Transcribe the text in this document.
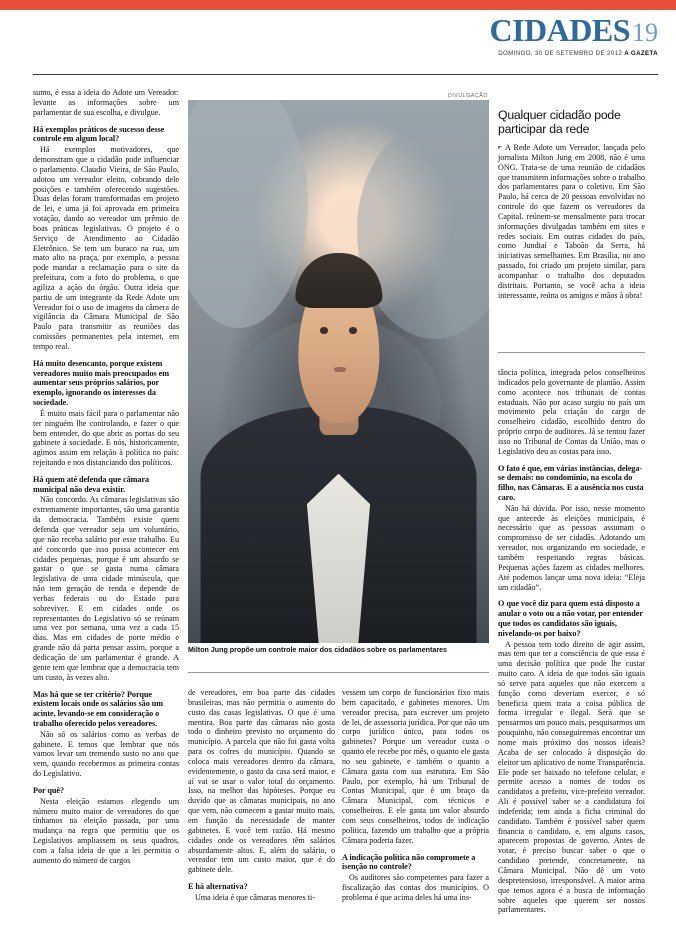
CIDADES19
DOMINGO, 30 DE SETEMBRO DE 2012 A GAZETA

sumo, é essa a ideia do Adote um Vereador: levante as informações sobre um parlamentar de sua escolha, e divulgue.

Há exemplos práticos de sucesso desse controle em algum local?

Há exemplos motivadores, que demonstram que o cidadão pode influenciar o parlamento. Claudio Vieira, de São Paulo, adotou um vereador eleito, cobrando dele posições e também oferecendo sugestões. Duas delas foram transformadas em projeto de lei, e uma já foi aprovada em primeira votação, dando ao vereador um prêmio de boas práticas legislativas. O projeto é o Serviço de Atendimento ao Cidadão Eletrônico. Se tem um buraco na rua, um mato alto na praça, por exemplo, a pessoa pode mandar a reclamação para o site da prefeitura, com a foto do problema, o que agiliza a ação do órgão. Outra ideia que partiu de um integrante da Rede Adote um Vereador foi o uso de imagens da câmera de vigilância da Câmara Municipal de São Paulo para transmitir as reuniões das comissões permanentes pela internet, em tempo real.

Há muito desencanto, porque existem vereadores muito mais preocupados em aumentar seus próprios salários, por exemplo, ignorando os interesses da sociedade.

É muito mais fácil para o parlamentar não ter ninguém lhe controlando, e fazer o que bem entender, do que abrir as portas do seu gabinete à sociedade. E nós, historicamente, agimos assim em relação à política no país: rejeitando e nos distanciando dos políticos.

Há quem até defenda que câmara municipal não deva existir.

Não concordo. As câmaras legislativas são extremamente importantes, são uma garantia da democracia. Também existe quem defenda que vereador seja um voluntário, que não receba salário por esse trabalho. Eu até concordo que isso possa acontecer em cidades pequenas, porque é um absurdo se gastar o que se gasta numa câmara legislativa de uma cidade minúscula, que não tem geração de renda e depende de verbas federais ou do Estado para sobreviver. E em cidades onde os representantes do Legislativo só se reúnam uma vez por semana, uma vez a cada 15 dias. Mas em cidades de porte médio e grande não dá parta pensar assim, porque a dedicação de um parlamentar é grande. A gente tem que lembrar que a democracia tem um custo, às vezes alto.

Mas há que se ter critério? Porque existem locais onde os salários são um acinte, levando-se em consideração o trabalho oferecido pelos vereadores.

Não só os salários como as verbas de gabinete. E temos que lembrar que nós vamos levar um tremendo susto no ano que vem, quando recebermos as primeira contas do Legislativo.

Por quê?

Nesta eleição estamos elegendo um número muito maior de vereadores do que tínhamos na eleição passada, por uma mudança na regra que permitiu que os Legislativos ampliassem os seus quadros, com a falsa ideia de que a lei permitia o aumento do número de cargos

DIVULGAÇÃO
Milton Jung propõe um controle maior dos cidadãos sobre os parlamentares

de vereadores, em boa parte das cidades brasileiras, mas não permitia o aumento do custo das casas legislativas. O que é uma mentira. Boa parte das câmaras não gosta todo o dinheiro previsto no orçamento do município. A parcela que não foi gasta volta para os cofres do município. Quando se coloca mais vereadores dentro da câmara, evidentemente, o gasto da casa será maior, e aí vai se usar o valor total do orçamento. Isso, na melhor das hipóteses. Porque eu duvido que as câmaras municipais, no ano que vem, não comecem a gastar muito mais, em função da necessidade de manter gabinetes. E você tem razão. Há mesmo cidades onde os vereadores têm salários absurdamente altos. E, além do salário, o vereador tem um custo maior, que é do gabinete dele.

E há alternativa?

Uma ideia é que câmaras menores ti-

vessem um corpo de funcionários fixo mais bem capacitado, e gabinetes menores. Um vereador precisa, para escrever um projeto de lei, de assessoria jurídica. Por que não um corpo jurídico único, para todos os gabinetes? Porque um vereador custa o quanto ele recebe por mês, o quanto ele gasta no seu gabinete, e também o quanto a Câmara gasta com sua estrutura. Em São Paulo, por exemplo, há um Tribunal de Contas Municipal, que é um braço da Câmara Municipal, com técnicos e conselheiros. E ele gasta um valor absurdo com seus conselheiros, todos de indicação política, fazendo um trabalho que a própria Câmara poderia fazer.

A indicação política não compromete a isenção no controle?

Os auditores são competentes para fazer a fiscalização das contas dos municípios. O problema é que acima deles há uma ins-

Qualquer cidadão pode participar da rede

A Rede Adote um Vereador, lançada pelo jornalista Milton Jung em 2008, não é uma ONG. Trata-se de uma reunião de cidadãos que transmitem informações sobre o trabalho dos parlamentares para o coletivo. Em São Paulo, há cerca de 20 pessoas envolvidas no controle do que fazem os vereadores da Capital. reúnem-se mensalmente para trocar informações divulgadas também em sites e redes sociais. Em outras cidades do país, como Jundiaí e Taboão da Serra, há iniciativas semelhantes. Em Brasília, no ano passado, foi criado um projeto similar, para acompanhar o trabalho dos deputados distritais. Portanto, se você acha a ideia interessante, reúna os amigos e mãos à obra!

tância política, integrada pelos conselheiros indicados pelo governante de plantão. Assim como acontece nos tribunais de contas estaduais. Não por acaso surgiu no país um movimento pela criação do cargo de conselheiro cidadão, escolhido dentro do próprio corpo de auditores. Já se tentou fazer isso no Tribunal de Contas da União, mas o Legislativo deu as costas para isso.

O fato é que, em várias instâncias, delega-se demais: no condomínio, na escola do filho, nas Câmaras. E a ausência nos custa caro.

Não há dúvida. Por isso, nesse momento que antecede às eleições municipais, é necessário que as pessoas assumam o compromisso de ser cidadãs. Adotando um vereador, nos organizando em sociedade, e também respeitando regras básicas. Pequenas ações fazem as cidades melhores. Até podemos lançar uma nova ideia: “Eleja um cidadão”.

O que você diz para quem está disposto a anular o voto ou a não votar, por entender que todos os candidatos são iguais, nivelando-os por baixo?

A pessoa tem todo direito de agir assim, mas tem que ter a consciência de que essa é uma decisão política que pode lhe custar muito caro. A ideia de que todos são iguais só serve para aqueles que não exercem a função como deveriam exercer, e só beneficia quem trata a coisa pública de forma irregular e ilegal. Será que se pensarmos um pouco mais, pesquisarmos um pouquinho, não conseguiremos encontrar um nome mais próximo dos nossos ideais? Acaba de ser colocado à disposição do eleitor um aplicativo de nome Transparência. Ele pode ser baixado no telefone celular, e permite acesso a nomes de todos os candidatos a prefeito, vice-prefeito vereador. Ali é possível saber se a candidatura foi indeferida; tem ainda a ficha criminal do candidato. Também é possível saber quem financia o candidato, e, em alguns casos, aparecem propostas de governo. Antes de votar, é preciso buscar saber o que o candidato pretende, concretamente, na Câmara Municipal. Não dê um voto despretensioso, irresponsável. A maior arma que temos agora é a busca de informação sobre aqueles que querem ser nossos parlamentares.
